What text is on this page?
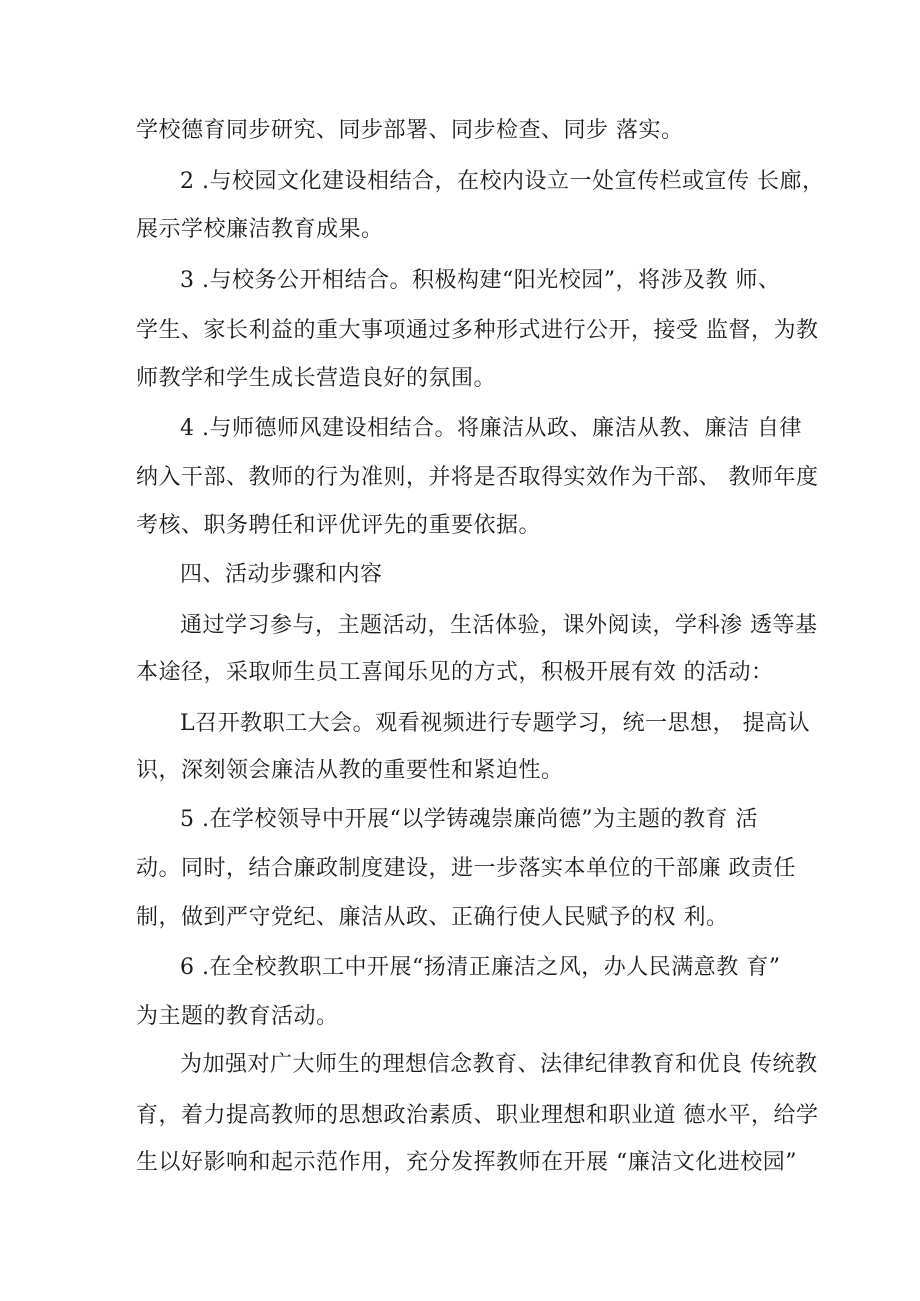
学校德育同步研究、同步部署、同步检查、同步 落实。
2 .与校园文化建设相结合，在校内设立一处宣传栏或宣传 长廊，
展示学校廉洁教育成果。
3 .与校务公开相结合。积极构建“阳光校园”，将涉及教 师、
学生、家长利益的重大事项通过多种形式进行公开，接受 监督，为教
师教学和学生成长营造良好的氛围。
4 .与师德师风建设相结合。将廉洁从政、廉洁从教、廉洁 自律
纳入干部、教师的行为准则，并将是否取得实效作为干部、 教师年度
考核、职务聘任和评优评先的重要依据。
四、活动步骤和内容
通过学习参与，主题活动，生活体验，课外阅读，学科渗 透等基
本途径，采取师生员工喜闻乐见的方式，积极开展有效 的活动：
L召开教职工大会。观看视频进行专题学习，统一思想， 提高认
识，深刻领会廉洁从教的重要性和紧迫性。
5 .在学校领导中开展“以学铸魂崇廉尚德”为主题的教育 活
动。同时，结合廉政制度建设，进一步落实本单位的干部廉 政责任
制，做到严守党纪、廉洁从政、正确行使人民赋予的权 利。
6 .在全校教职工中开展“扬清正廉洁之风，办人民满意教 育”
为主题的教育活动。
为加强对广大师生的理想信念教育、法律纪律教育和优良 传统教
育，着力提高教师的思想政治素质、职业理想和职业道 德水平，给学
生以好影响和起示范作用，充分发挥教师在开展 “廉洁文化进校园”
